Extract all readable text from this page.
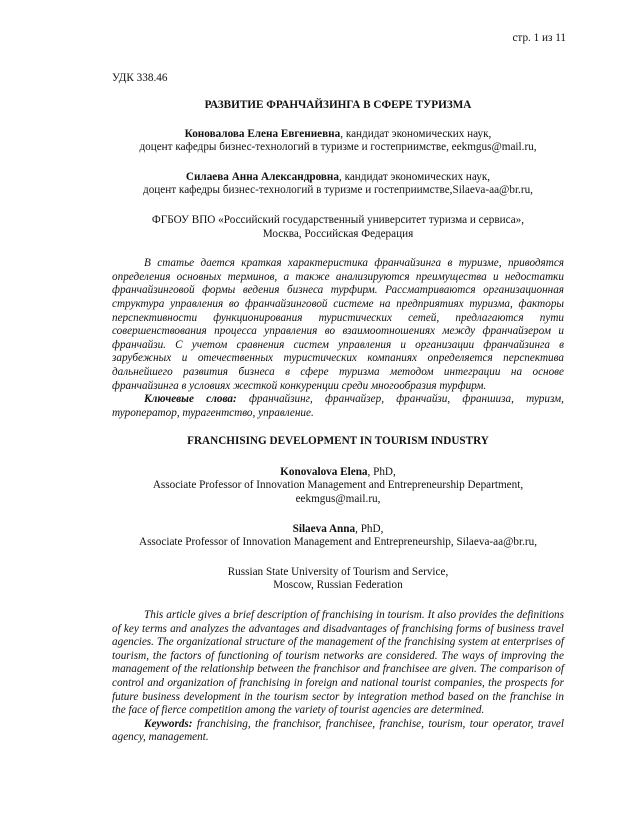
стр. 1 из 11
УДК 338.46
РАЗВИТИЕ ФРАНЧАЙЗИНГА В СФЕРЕ ТУРИЗМА
Коновалова Елена Евгениевна, кандидат экономических наук,
доцент кафедры бизнес-технологий в туризме и гостеприимстве, eekmgus@mail.ru,
Силаева Анна Александровна, кандидат экономических наук,
доцент кафедры бизнес-технологий в туризме и гостеприимстве,Silaeva-aa@br.ru,
ФГБОУ ВПО «Российский государственный университет туризма и сервиса»,
Москва, Российская Федерация

В статье дается краткая характеристика франчайзинга в туризме, приводятся определения основных терминов, а также анализируются преимущества и недостатки франчайзинговой формы ведения бизнеса турфирм. Рассматриваются организационная структура управления во франчайзинговой системе на предприятиях туризма, факторы перспективности функционирования туристических сетей, предлагаются пути совершенствования процесса управления во взаимоотношениях между франчайзером и франчайзи. С учетом сравнения систем управления и организации франчайзинга в зарубежных и отечественных туристических компаниях определяется перспектива дальнейшего развития бизнеса в сфере туризма методом интеграции на основе франчайзинга в условиях жесткой конкуренции среди многообразия турфирм.

Ключевые слова: франчайзинг, франчайзер, франчайзи, франшиза, туризм, туроператор, турагентство, управление.

FRANCHISING DEVELOPMENT IN TOURISM INDUSTRY
Konovalova Elena, PhD,
Associate Professor of Innovation Management and Entrepreneurship Department,
eekmgus@mail.ru,
Silaeva Anna, PhD,
Associate Professor of Innovation Management and Entrepreneurship, Silaeva-aa@br.ru,
Russian State University of Tourism and Service,
Moscow, Russian Federation

This article gives a brief description of franchising in tourism. It also provides the definitions of key terms and analyzes the advantages and disadvantages of franchising forms of business travel agencies. The organizational structure of the management of the franchising system at enterprises of tourism, the factors of functioning of tourism networks are considered. The ways of improving the management of the relationship between the franchisor and franchisee are given. The comparison of control and organization of franchising in foreign and national tourist companies, the prospects for future business development in the tourism sector by integration method based on the franchise in the face of fierce competition among the variety of tourist agencies are determined.

Keywords: franchising, the franchisor, franchisee, franchise, tourism, tour operator, travel agency, management.
